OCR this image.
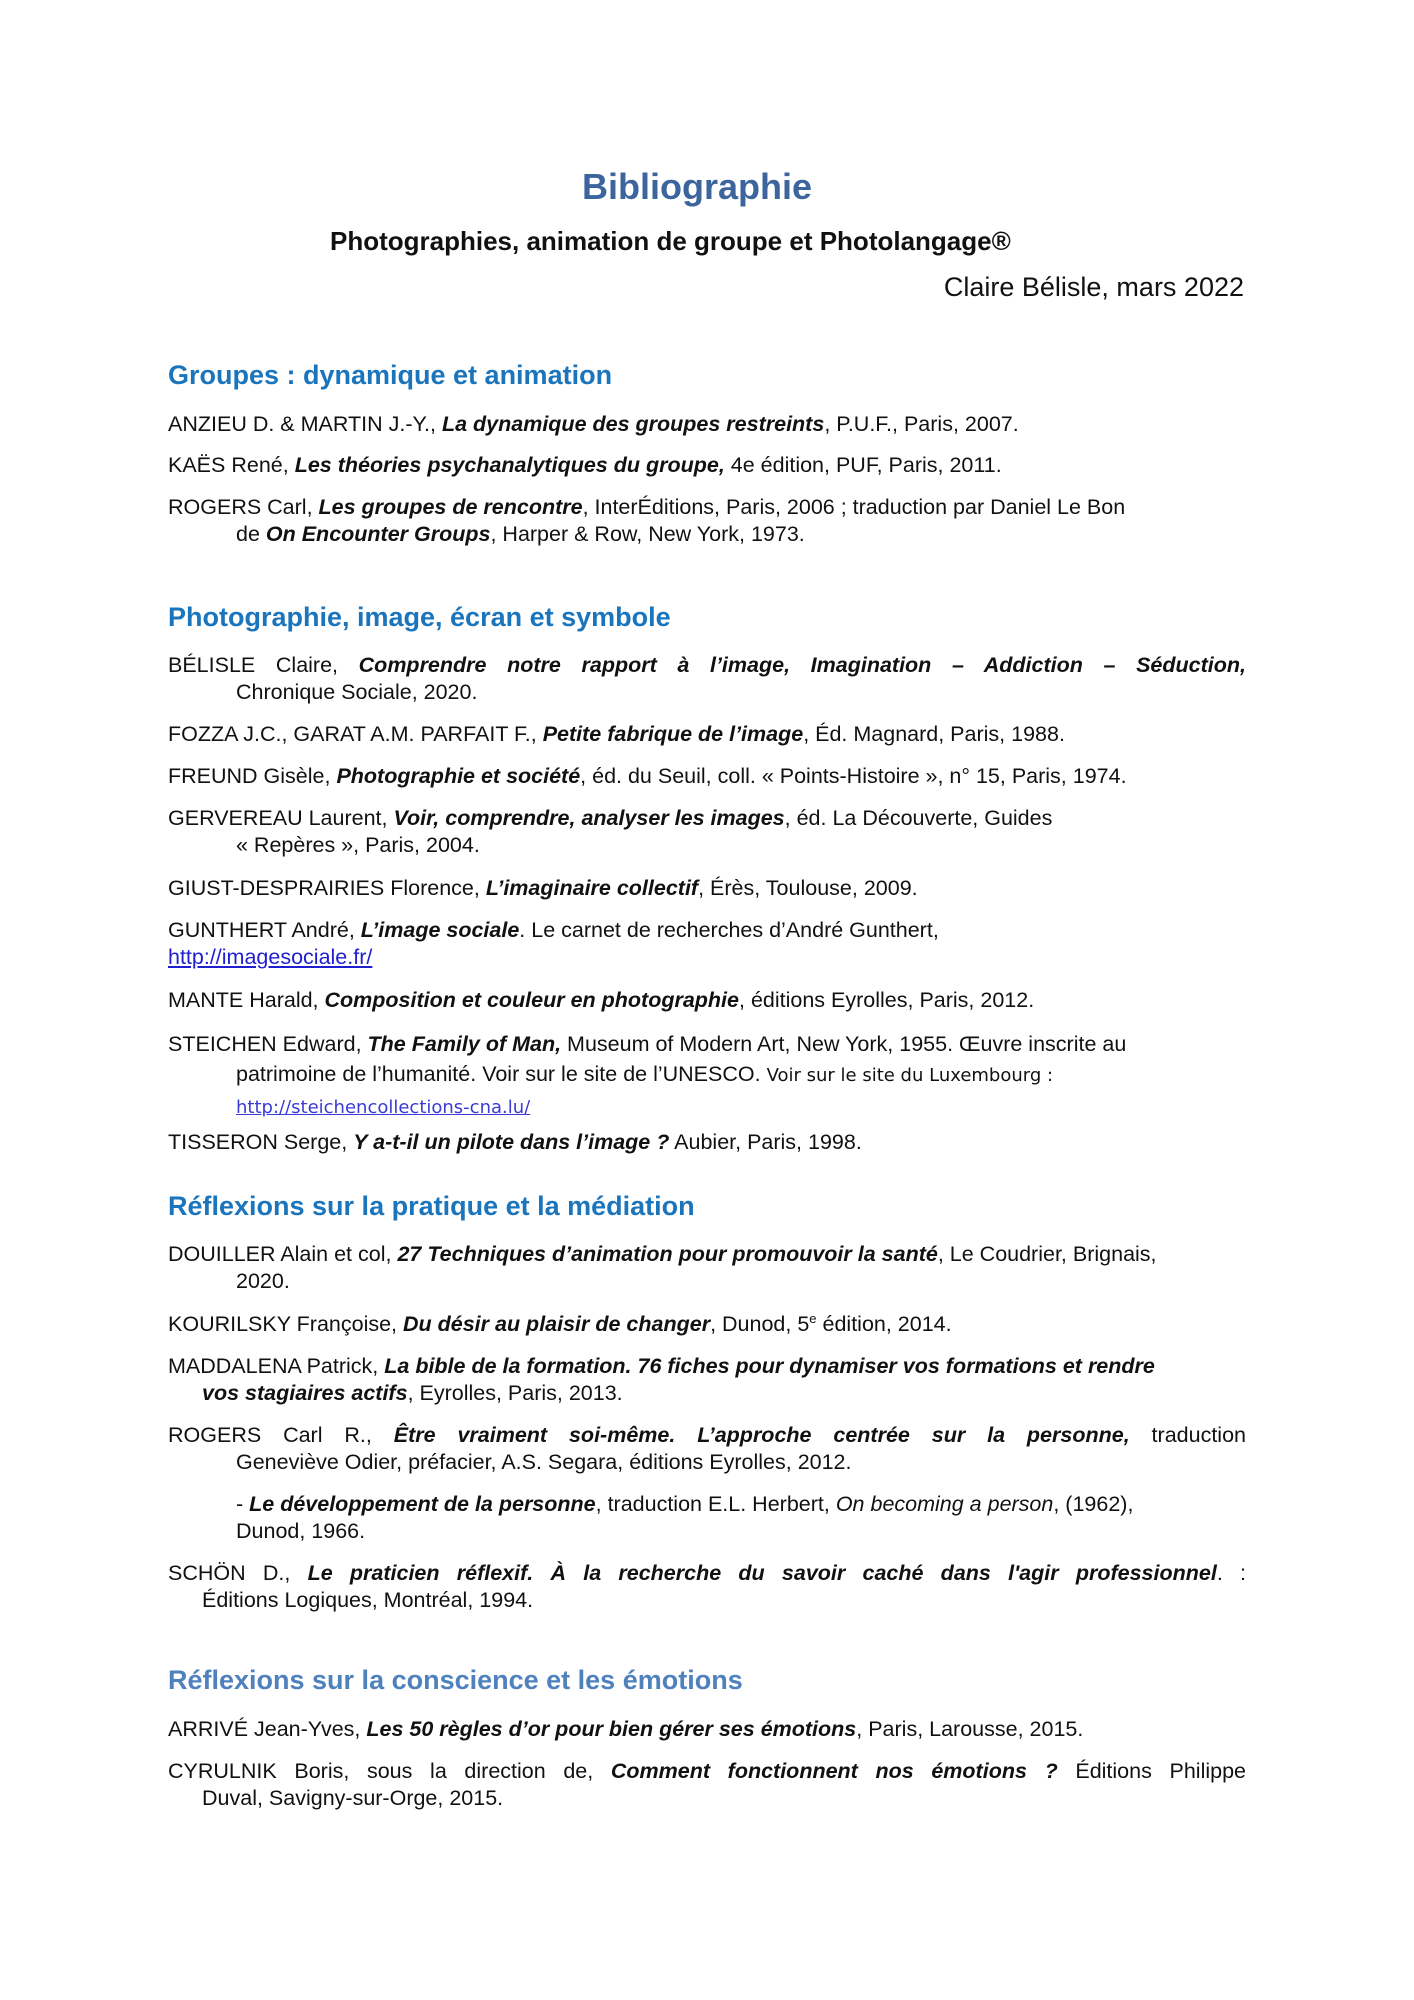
Bibliographie
Photographies, animation de groupe et Photolangage®
Claire Bélisle, mars 2022
Groupes : dynamique et animation
ANZIEU D. & MARTIN J.-Y., La dynamique des groupes restreints, P.U.F., Paris, 2007.
KAËS René, Les théories psychanalytiques du groupe, 4e édition, PUF, Paris, 2011.
ROGERS Carl, Les groupes de rencontre, InterÉditions, Paris, 2006 ; traduction par Daniel Le Bon
de On Encounter Groups, Harper & Row, New York, 1973.
Photographie, image, écran et symbole
BÉLISLE Claire, Comprendre notre rapport à l’image, Imagination – Addiction – Séduction,
Chronique Sociale, 2020.
FOZZA J.C., GARAT A.M. PARFAIT F., Petite fabrique de l’image, Éd. Magnard, Paris, 1988.
FREUND Gisèle, Photographie et société, éd. du Seuil, coll. « Points-Histoire », n° 15, Paris, 1974.
GERVEREAU Laurent, Voir, comprendre, analyser les images, éd. La Découverte, Guides
« Repères », Paris, 2004.
GIUST-DESPRAIRIES Florence, L’imaginaire collectif, Érès, Toulouse, 2009.
GUNTHERT André, L’image sociale. Le carnet de recherches d’André Gunthert,
http://imagesociale.fr/
MANTE Harald, Composition et couleur en photographie, éditions Eyrolles, Paris, 2012.
STEICHEN Edward, The Family of Man, Museum of Modern Art, New York, 1955. Œuvre inscrite au
patrimoine de l’humanité. Voir sur le site de l’UNESCO. Voir sur le site du Luxembourg :
http://steichencollections-cna.lu/
TISSERON Serge, Y a-t-il un pilote dans l’image ? Aubier, Paris, 1998.
Réflexions sur la pratique et la médiation
DOUILLER Alain et col, 27 Techniques d’animation pour promouvoir la santé, Le Coudrier, Brignais,
2020.
KOURILSKY Françoise, Du désir au plaisir de changer, Dunod, 5e édition, 2014.
MADDALENA Patrick, La bible de la formation. 76 fiches pour dynamiser vos formations et rendre
vos stagiaires actifs, Eyrolles, Paris, 2013.
ROGERS Carl R., Être vraiment soi-même. L’approche centrée sur la personne, traduction
Geneviève Odier, préfacier, A.S. Segara, éditions Eyrolles, 2012.
- Le développement de la personne, traduction E.L. Herbert, On becoming a person, (1962),
Dunod, 1966.
SCHÖN D., Le praticien réflexif. À la recherche du savoir caché dans l'agir professionnel. :
Éditions Logiques, Montréal, 1994.
Réflexions sur la conscience et les émotions
ARRIVÉ Jean-Yves, Les 50 règles d’or pour bien gérer ses émotions, Paris, Larousse, 2015.
CYRULNIK Boris, sous la direction de, Comment fonctionnent nos émotions ? Éditions Philippe
Duval, Savigny-sur-Orge, 2015.
